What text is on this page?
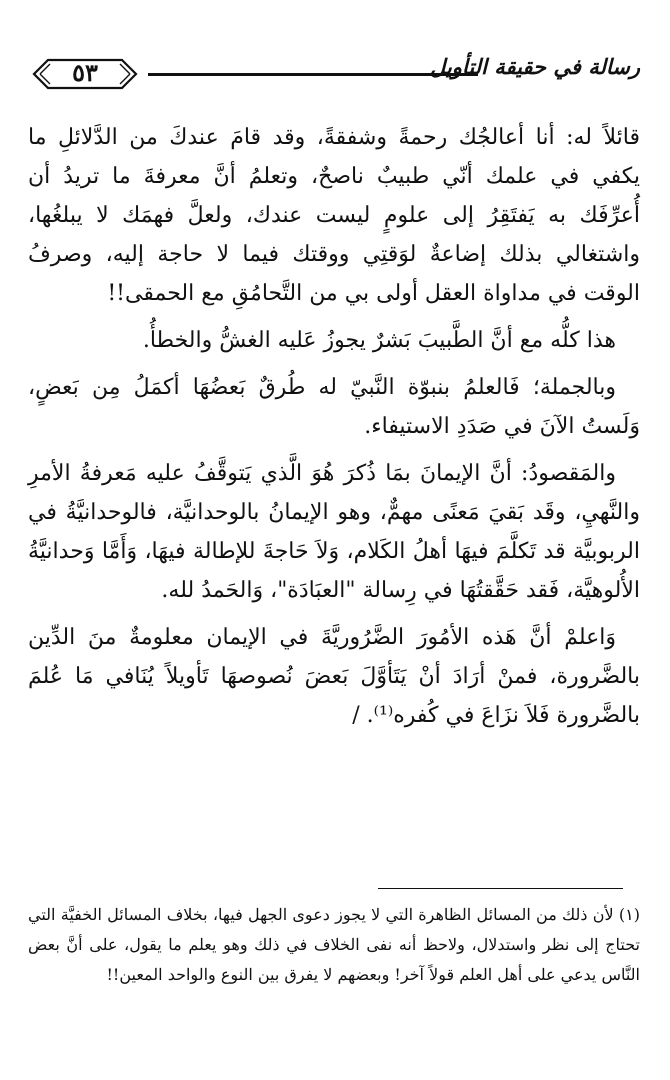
٥٣	رسالة في حقيقة التأويل

قائلاً له: أنا أعالجُك رحمةً وشفقةً، وقد قامَ عندكَ من الدَّلائلِ ما يكفي في علمك أنّي طبيبٌ ناصحٌ، وتعلمُ أنَّ معرفةَ ما تريدُ أن أُعرِّفَك به يَفتَقِرُ إلى علومٍ ليست عندك، ولعلَّ فهمَك لا يبلغُها، واشتغالي بذلك إضاعةٌ لوَقتِي ووقتك فيما لا حاجة إليه، وصرفُ الوقت في مداواة العقل أولى بي من التَّحامُقِ مع الحمقى!!

هذا كلُّه مع أنَّ الطَّبيبَ بَشرٌ يجوزُ عَليه الغشُّ والخطأُ.

وبالجملة؛ فَالعلمُ بنبوّة النَّبيّ له طُرقٌ بَعضُهَا أكمَلُ مِن بَعضٍ، وَلَستُ الآنَ في صَدَدِ الاستيفاء.

والمَقصودُ: أنَّ الإيمانَ بمَا ذُكرَ هُوَ الَّذي يَتوقَّفُ عليه مَعرفةُ الأمرِ والنَّهيِ، وقَد بَقيَ مَعنًى مهمٌّ، وهو الإيمانُ بالوحدانيَّة، فالوحدانيَّةُ في الربوبيَّة قد تَكلَّمَ فيهَا أهلُ الكَلام، وَلاَ حَاجةَ للإطالة فيهَا، وَأَمَّا وَحدانيَّةُ الأُلوهيَّة، فَقد حَقَّقتُهَا في رِسالة "العبَادَة"، وَالحَمدُ لله.

وَاعلمْ أنَّ هَذه الأمُورَ الضَّرُوريَّةَ في الإيمان معلومةٌ منَ الدِّين بالضَّرورة، فمنْ أرَادَ أنْ يَتَأوَّلَ بَعضَ نُصوصهَا تَأويلاً يُنَافي مَا عُلمَ بالضَّرورة فَلاَ نزَاعَ في كُفره⁽¹⁾. /

(١) لأن ذلك من المسائل الظاهرة التي لا يجوز دعوى الجهل فيها، بخلاف المسائل الخفيَّة التي تحتاج إلى نظر واستدلال، ولاحظ أنه نفى الخلاف في ذلك وهو يعلم ما يقول، على أنَّ بعض النَّاس يدعي على أهل العلم قولاً آخر! وبعضهم لا يفرق بين النوع والواحد المعين!!
